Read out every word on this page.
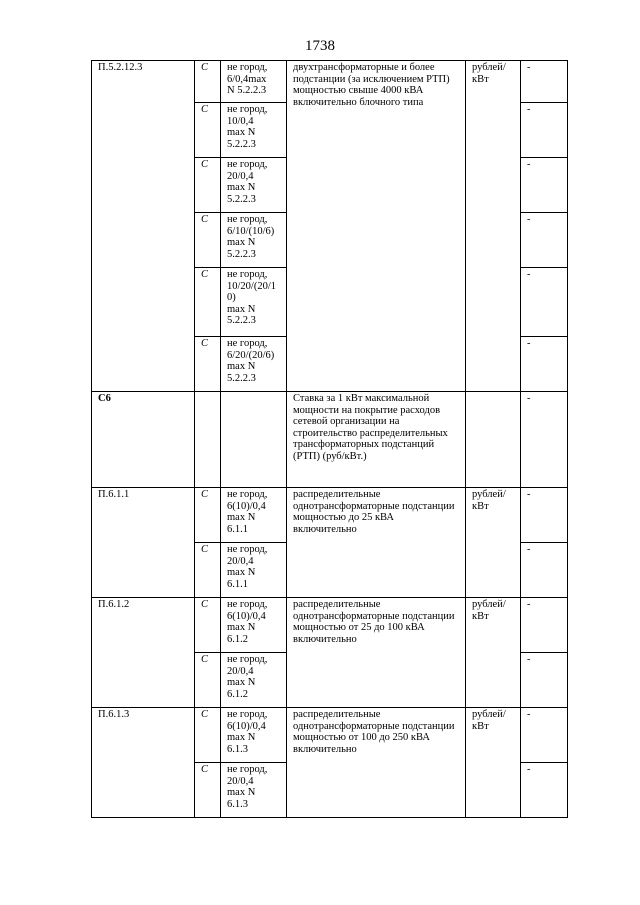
1738
П.5.2.12.3	С	не город,
6/0,4max
N 5.2.2.3	двухтрансформаторные и более подстанции (за исключением РТП) мощностью свыше 4000 кВА включительно блочного типа	рублей/
кВт	-
	С	не город,
10/0,4
max N
5.2.2.3			-
	С	не город,
20/0,4
max N
5.2.2.3			-
	С	не город,
6/10/(10/6)
max N
5.2.2.3			-
	С	не город,
10/20/(20/1
0)
max N
5.2.2.3			-
	С	не город,
6/20/(20/6)
max N
5.2.2.3			-
С6			Ставка за 1 кВт максимальной мощности на покрытие расходов сетевой организации на строительство распределительных трансформаторных подстанций (РТП) (руб/кВт.)		-
П.6.1.1	С	не город,
6(10)/0,4
max N
6.1.1	распределительные однотрансформаторные подстанции мощностью до 25 кВА включительно	рублей/
кВт	-
	С	не город,
20/0,4
max N
6.1.1			-
П.6.1.2	С	не город,
6(10)/0,4
max N
6.1.2	распределительные однотрансформаторные подстанции мощностью от 25 до 100 кВА включительно	рублей/
кВт	-
	С	не город,
20/0,4
max N
6.1.2			-
П.6.1.3	С	не город,
6(10)/0,4
max N
6.1.3	распределительные однотрансформаторные подстанции мощностью от 100 до 250 кВА включительно	рублей/
кВт	-
	С	не город,
20/0,4
max N
6.1.3			-
